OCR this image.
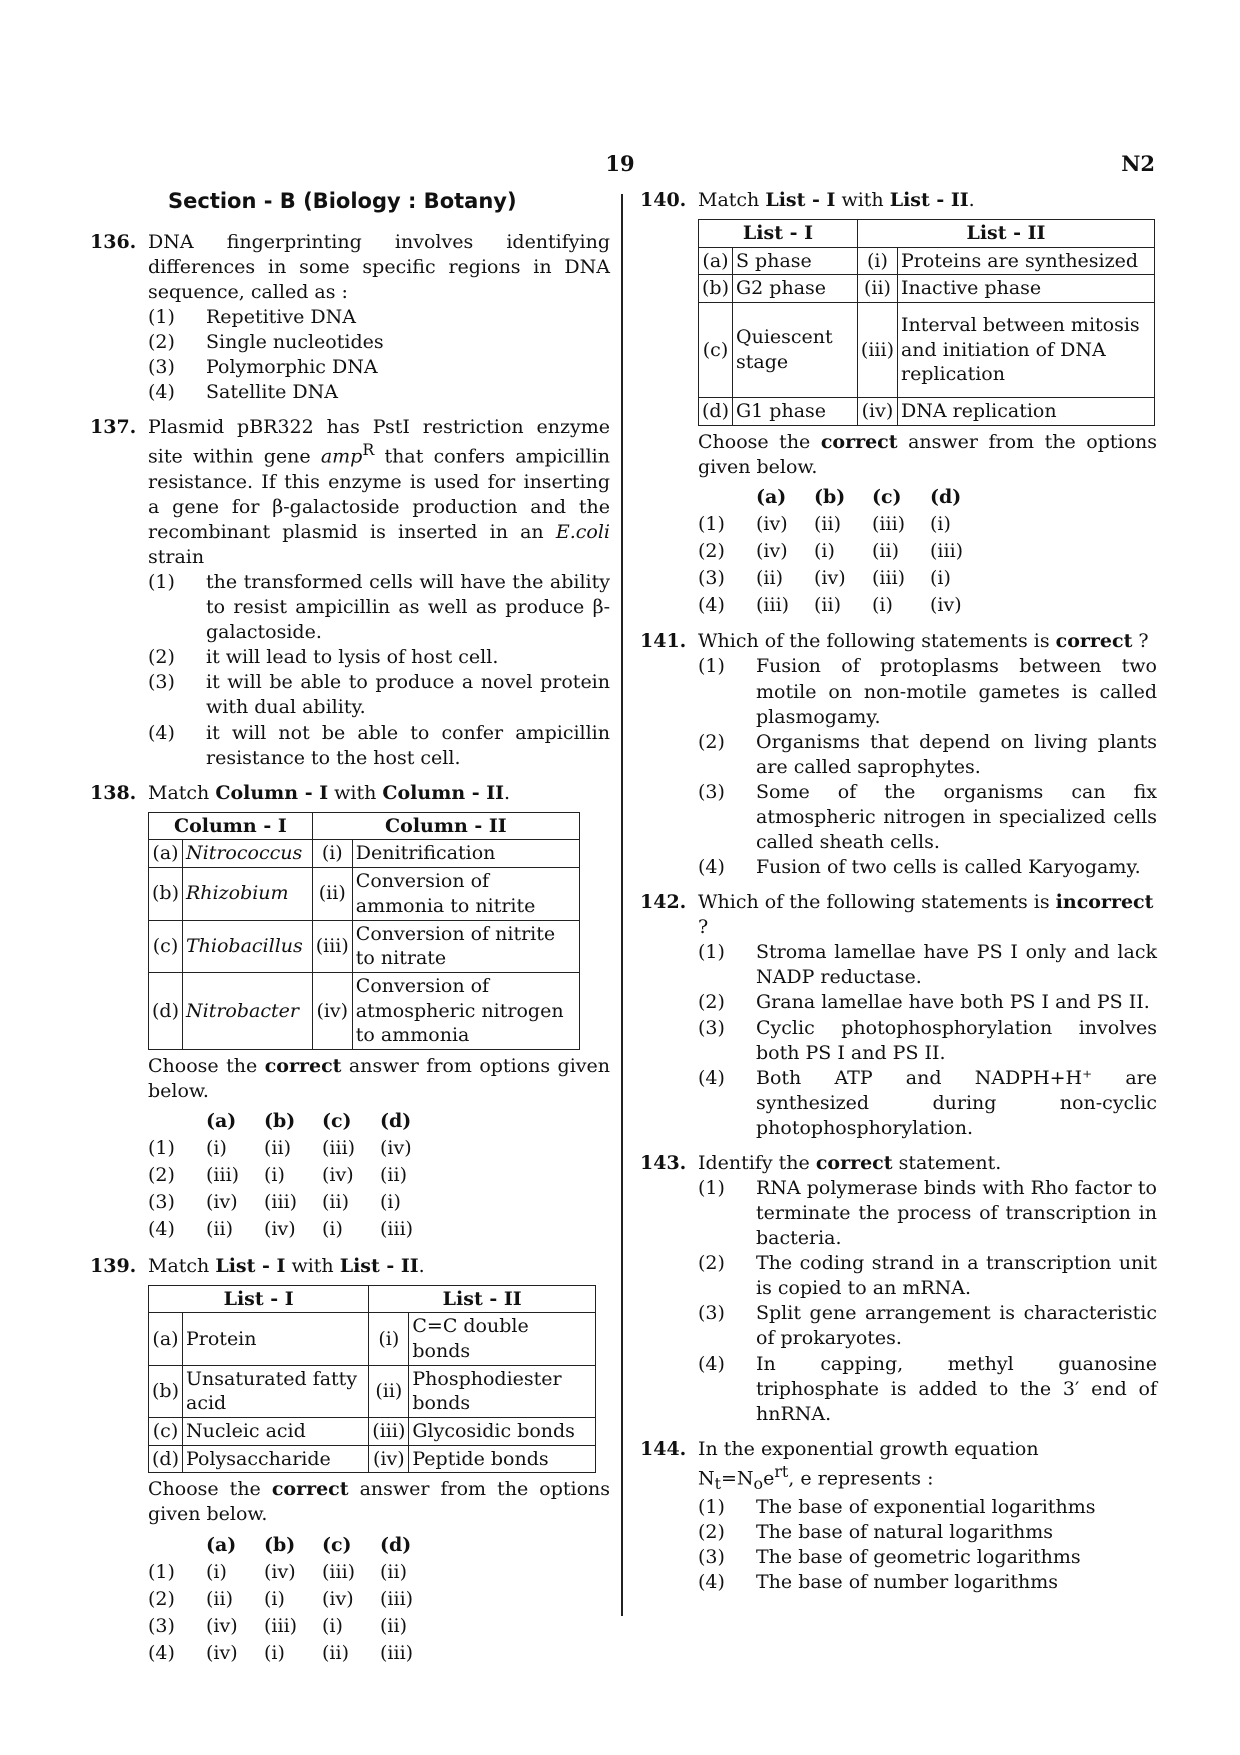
19	N2
Section - B (Biology : Botany)
136. DNA fingerprinting involves identifying differences in some specific regions in DNA sequence, called as :
(1)	Repetitive DNA
(2)	Single nucleotides
(3)	Polymorphic DNA
(4)	Satellite DNA
137. Plasmid pBR322 has PstI restriction enzyme site within gene amp$^R$ that confers ampicillin resistance. If this enzyme is used for inserting a gene for β-galactoside production and the recombinant plasmid is inserted in an E.coli strain
(1)	the transformed cells will have the ability to resist ampicillin as well as produce β-galactoside.
(2)	it will lead to lysis of host cell.
(3)	it will be able to produce a novel protein with dual ability.
(4)	it will not be able to confer ampicillin resistance to the host cell.
138. Match Column - I with Column - II.
Column - I		Column - II	
(a)	Nitrococcus	(i)	Denitrification
(b)	Rhizobium	(ii)	Conversion of ammonia to nitrite
(c)	Thiobacillus	(iii)	Conversion of nitrite to nitrate
(d)	Nitrobacter	(iv)	Conversion of atmospheric nitrogen to ammonia
Choose the correct answer from options given below.
	(a)	(b)	(c)	(d)
(1)	(i)	(ii)	(iii)	(iv)
(2)	(iii)	(i)	(iv)	(ii)
(3)	(iv)	(iii)	(ii)	(i)
(4)	(ii)	(iv)	(i)	(iii)
139. Match List - I with List - II.
List - I		List - II	
(a)	Protein	(i)	C=C double bonds
(b)	Unsaturated fatty acid	(ii)	Phosphodiester bonds
(c)	Nucleic acid	(iii)	Glycosidic bonds
(d)	Polysaccharide	(iv)	Peptide bonds
Choose the correct answer from the options given below.
	(a)	(b)	(c)	(d)
(1)	(i)	(iv)	(iii)	(ii)
(2)	(ii)	(i)	(iv)	(iii)
(3)	(iv)	(iii)	(i)	(ii)
(4)	(iv)	(i)	(ii)	(iii)
140. Match List - I with List - II.
List - I		List - II	
(a)	S phase	(i)	Proteins are synthesized
(b)	G2 phase	(ii)	Inactive phase
(c)	Quiescent stage	(iii)	Interval between mitosis and initiation of DNA replication
(d)	G1 phase	(iv)	DNA replication
Choose the correct answer from the options given below.
	(a)	(b)	(c)	(d)
(1)	(iv)	(ii)	(iii)	(i)
(2)	(iv)	(i)	(ii)	(iii)
(3)	(ii)	(iv)	(iii)	(i)
(4)	(iii)	(ii)	(i)	(iv)
141. Which of the following statements is correct ?
(1)	Fusion of protoplasms between two motile on non-motile gametes is called plasmogamy.
(2)	Organisms that depend on living plants are called saprophytes.
(3)	Some of the organisms can fix atmospheric nitrogen in specialized cells called sheath cells.
(4)	Fusion of two cells is called Karyogamy.
142. Which of the following statements is incorrect ?
(1)	Stroma lamellae have PS I only and lack NADP reductase.
(2)	Grana lamellae have both PS I and PS II.
(3)	Cyclic photophosphorylation involves both PS I and PS II.
(4)	Both ATP and NADPH+H⁺ are synthesized during non-cyclic photophosphorylation.
143. Identify the correct statement.
(1)	RNA polymerase binds with Rho factor to terminate the process of transcription in bacteria.
(2)	The coding strand in a transcription unit is copied to an mRNA.
(3)	Split gene arrangement is characteristic of prokaryotes.
(4)	In capping, methyl guanosine triphosphate is added to the 3′ end of hnRNA.
144. In the exponential growth equation
$N_t=N_oe^{rt}$, e represents :
(1)	The base of exponential logarithms
(2)	The base of natural logarithms
(3)	The base of geometric logarithms
(4)	The base of number logarithms
